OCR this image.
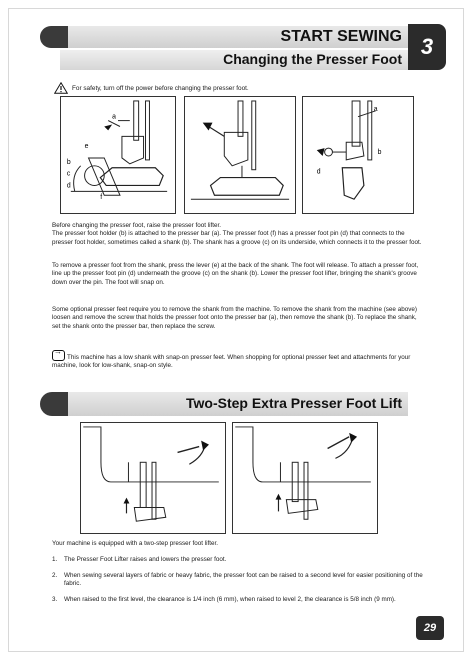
START SEWING
Changing the Presser Foot 3
For safety, turn off the power before changing the presser foot.
a
e
b
c
d
f
a
b
d

Before changing the presser foot, raise the presser foot lifter.
The presser foot holder (b) is attached to the presser bar (a). The presser foot (f) has a presser foot pin (d) that connects to the presser foot holder, sometimes called a shank (b). The shank has a groove (c) on its underside, which connects it to the presser foot.

To remove a presser foot from the shank, press the lever (e) at the back of the shank. The foot will release. To attach a presser foot, line up the presser foot pin (d) underneath the groove (c) on the shank (b). Lower the presser foot lifter, bringing the shank's groove down over the pin. The foot will snap on.

Some optional presser feet require you to remove the shank from the machine. To remove the shank from the machine (see above) loosen and remove the screw that holds the presser foot onto the presser bar (a), then remove the shank (b). To replace the shank, set the shank onto the presser bar, then replace the screw.

→This machine has a low shank with snap-on presser feet. When shopping for optional presser feet and attachments for your machine, look for low-shank, snap-on style.

Two-Step Extra Presser Foot Lift

Your machine is equipped with a two-step presser foot lifter.

1.	The Presser Foot Lifter raises and lowers the presser foot.
2.	When sewing several layers of fabric or heavy fabric, the presser foot can be raised to a second level for easier positioning of the fabric.
3.	When raised to the first level, the clearance is 1/4 inch (6 mm), when raised to level 2, the clearance is 5/8 inch (9 mm).
29
